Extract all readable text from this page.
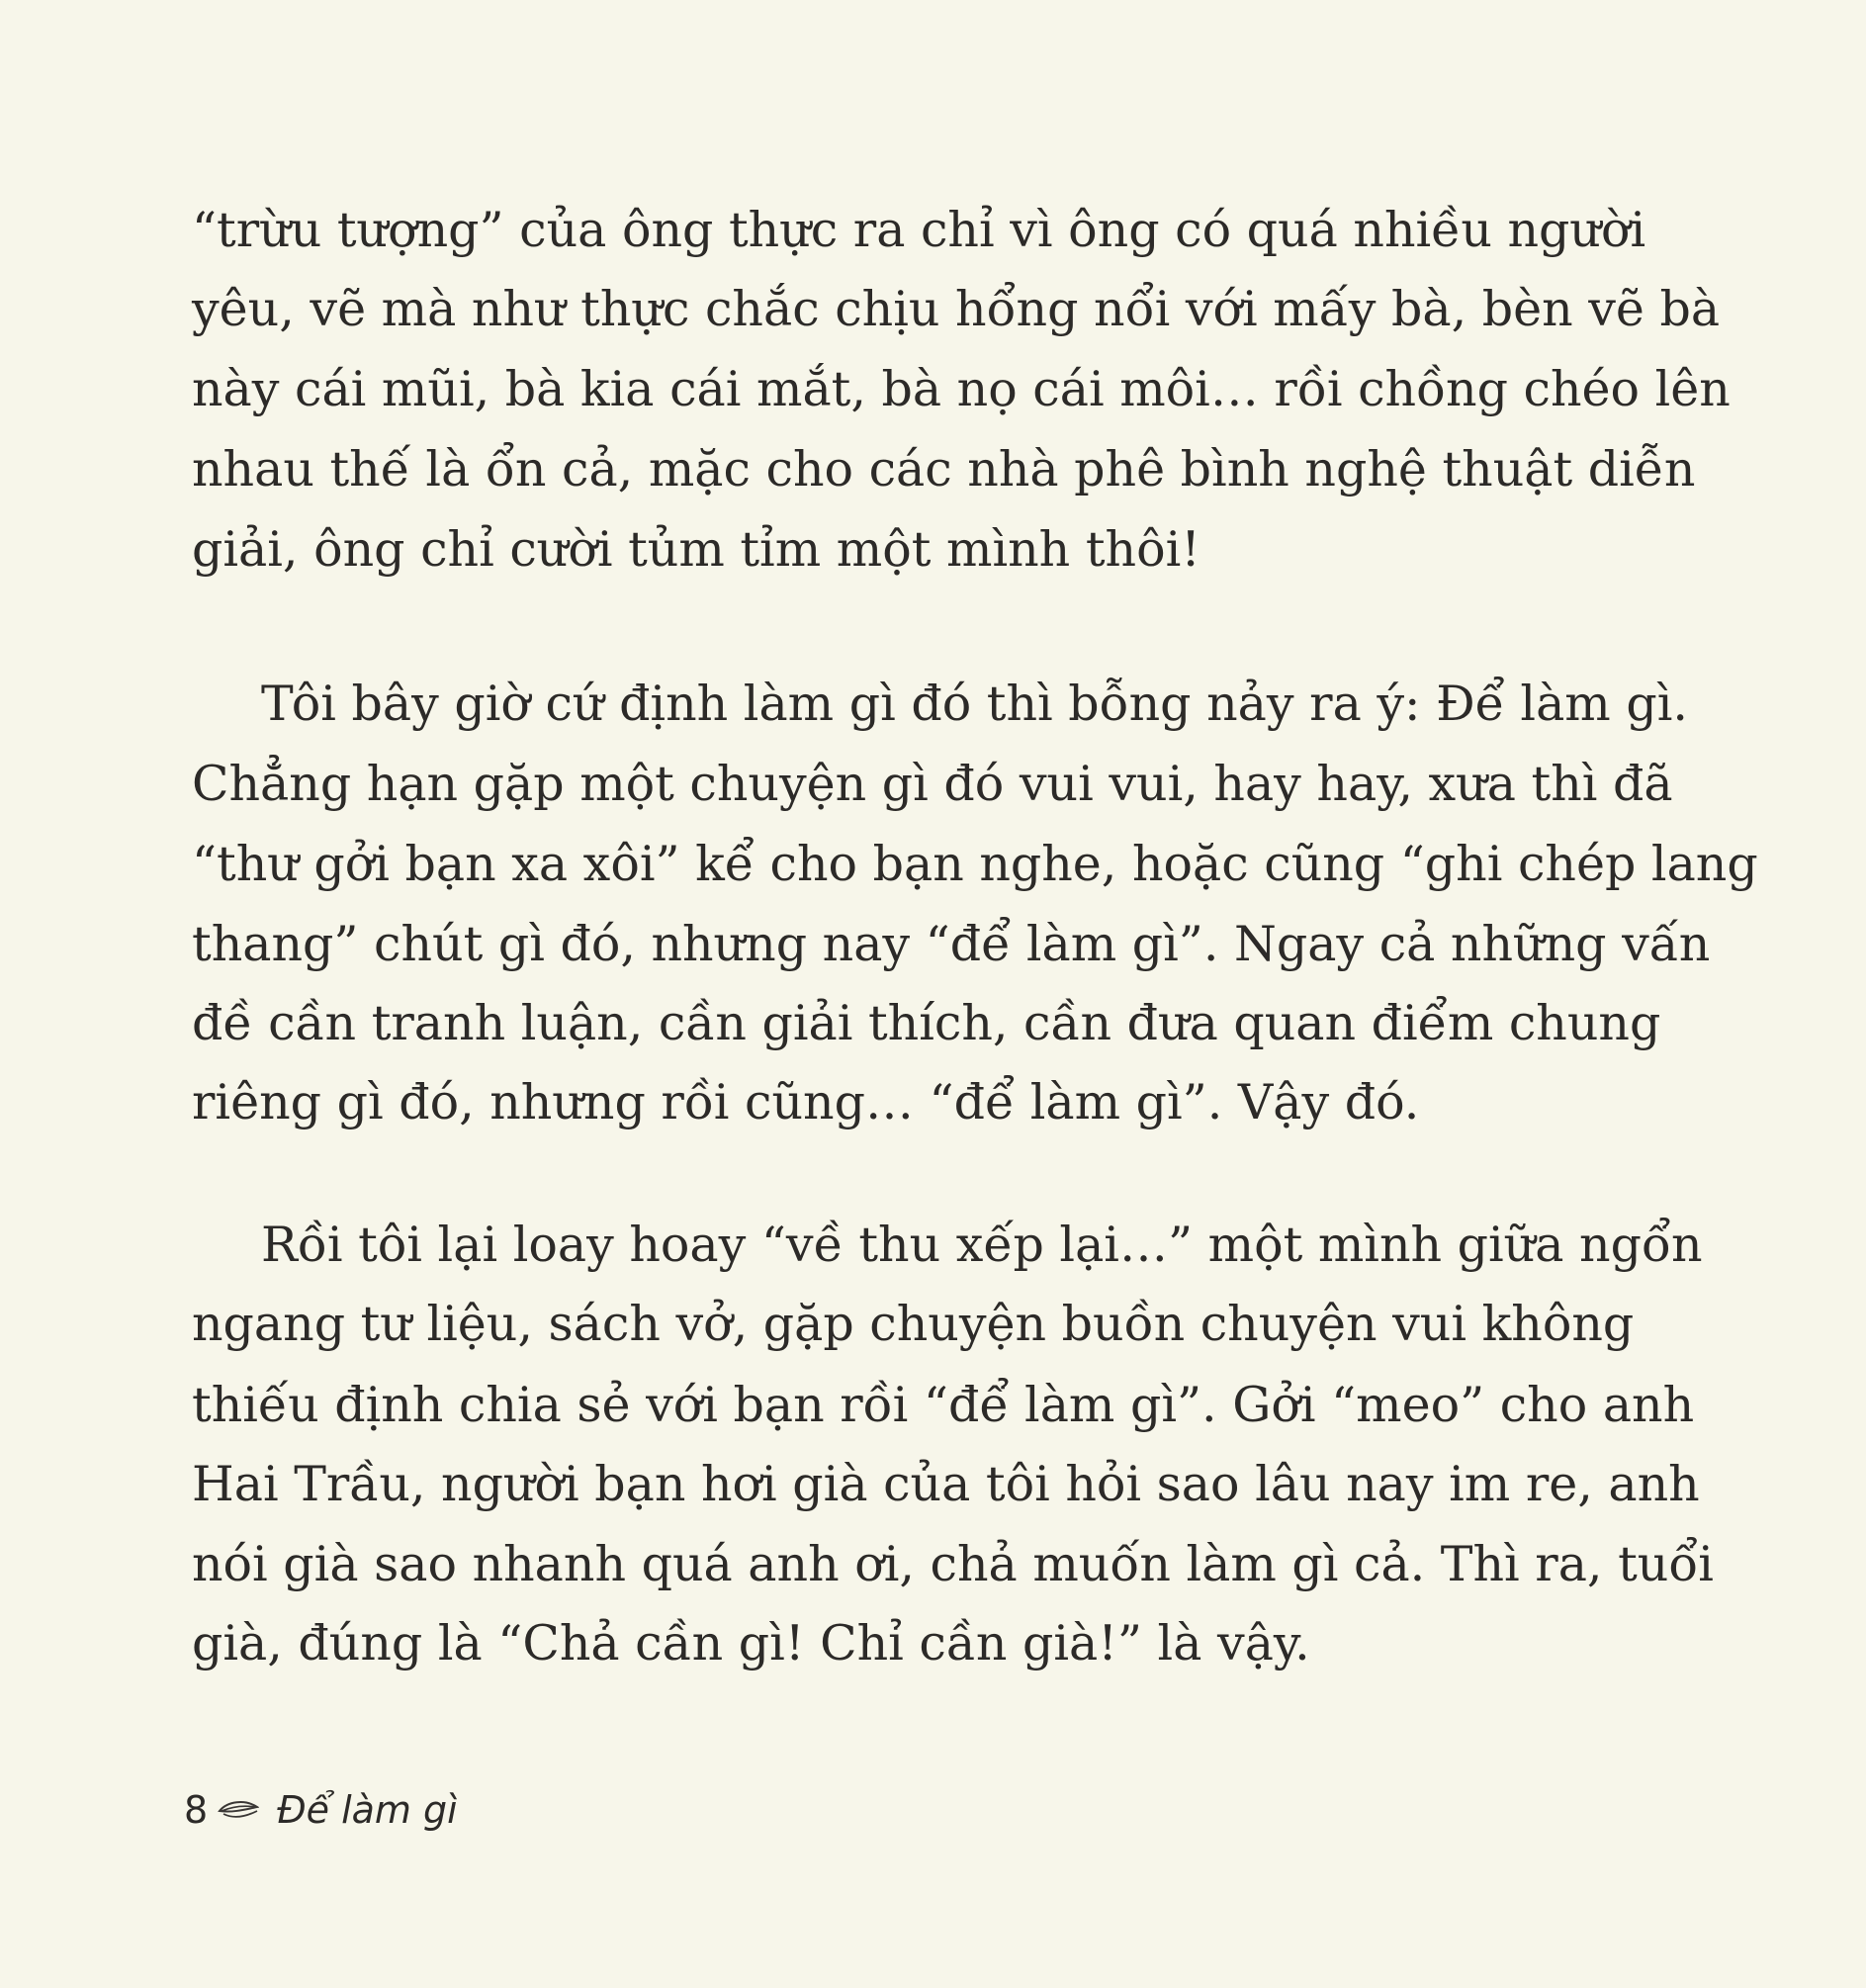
“trừu tượng” của ông thực ra chỉ vì ông có quá nhiều người
yêu, vẽ mà như thực chắc chịu hổng nổi với mấy bà, bèn vẽ bà
này cái mũi, bà kia cái mắt, bà nọ cái môi… rồi chồng chéo lên
nhau thế là ổn cả, mặc cho các nhà phê bình nghệ thuật diễn
giải, ông chỉ cười tủm tỉm một mình thôi!
Tôi bây giờ cứ định làm gì đó thì bỗng nảy ra ý: Để làm gì.
Chẳng hạn gặp một chuyện gì đó vui vui, hay hay, xưa thì đã
“thư gởi bạn xa xôi” kể cho bạn nghe, hoặc cũng “ghi chép lang
thang” chút gì đó, nhưng nay “để làm gì”. Ngay cả những vấn
đề cần tranh luận, cần giải thích, cần đưa quan điểm chung
riêng gì đó, nhưng rồi cũng… “để làm gì”. Vậy đó.
Rồi tôi lại loay hoay “về thu xếp lại…” một mình giữa ngổn
ngang tư liệu, sách vở, gặp chuyện buồn chuyện vui không
thiếu định chia sẻ với bạn rồi “để làm gì”. Gởi “meo” cho anh
Hai Trầu, người bạn hơi già của tôi hỏi sao lâu nay im re, anh
nói già sao nhanh quá anh ơi, chả muốn làm gì cả. Thì ra, tuổi
già, đúng là “Chả cần gì! Chỉ cần già!” là vậy.
8 Để làm gì
